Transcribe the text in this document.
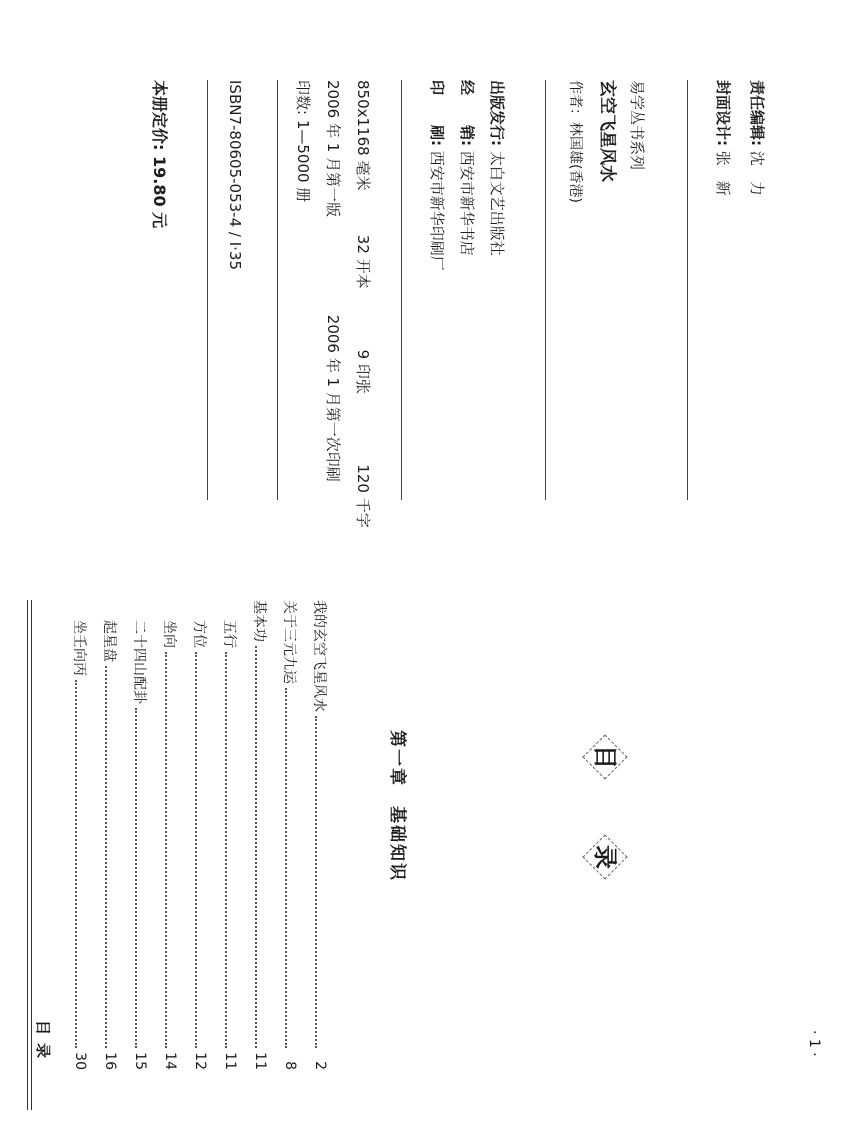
责任编辑: 沈　力
封面设计: 张　新
易学丛书系列
玄空飞星风水
作者：林国雄(香港)
出版发行: 太白文艺出版社
经　　销: 西安市新华书店
印　　刷: 西安市新华印刷厂
850x1168 毫米 32 开本 9 印张 120 千字
2006 年 1 月第一版 2006 年 1 月第一次印刷
印数: 1—5000 册
ISBN7-80605-053-4 / I·35
本册定价: 19.80 元
目录
目
录
第一章　基础知识
我的玄空飞星风水
2
关于三元九运
8
基本功
11
五行
11
方位
12
坐向
14
二十四山配卦
15
起星盘
16
坐壬向丙
30
· 1 ·
